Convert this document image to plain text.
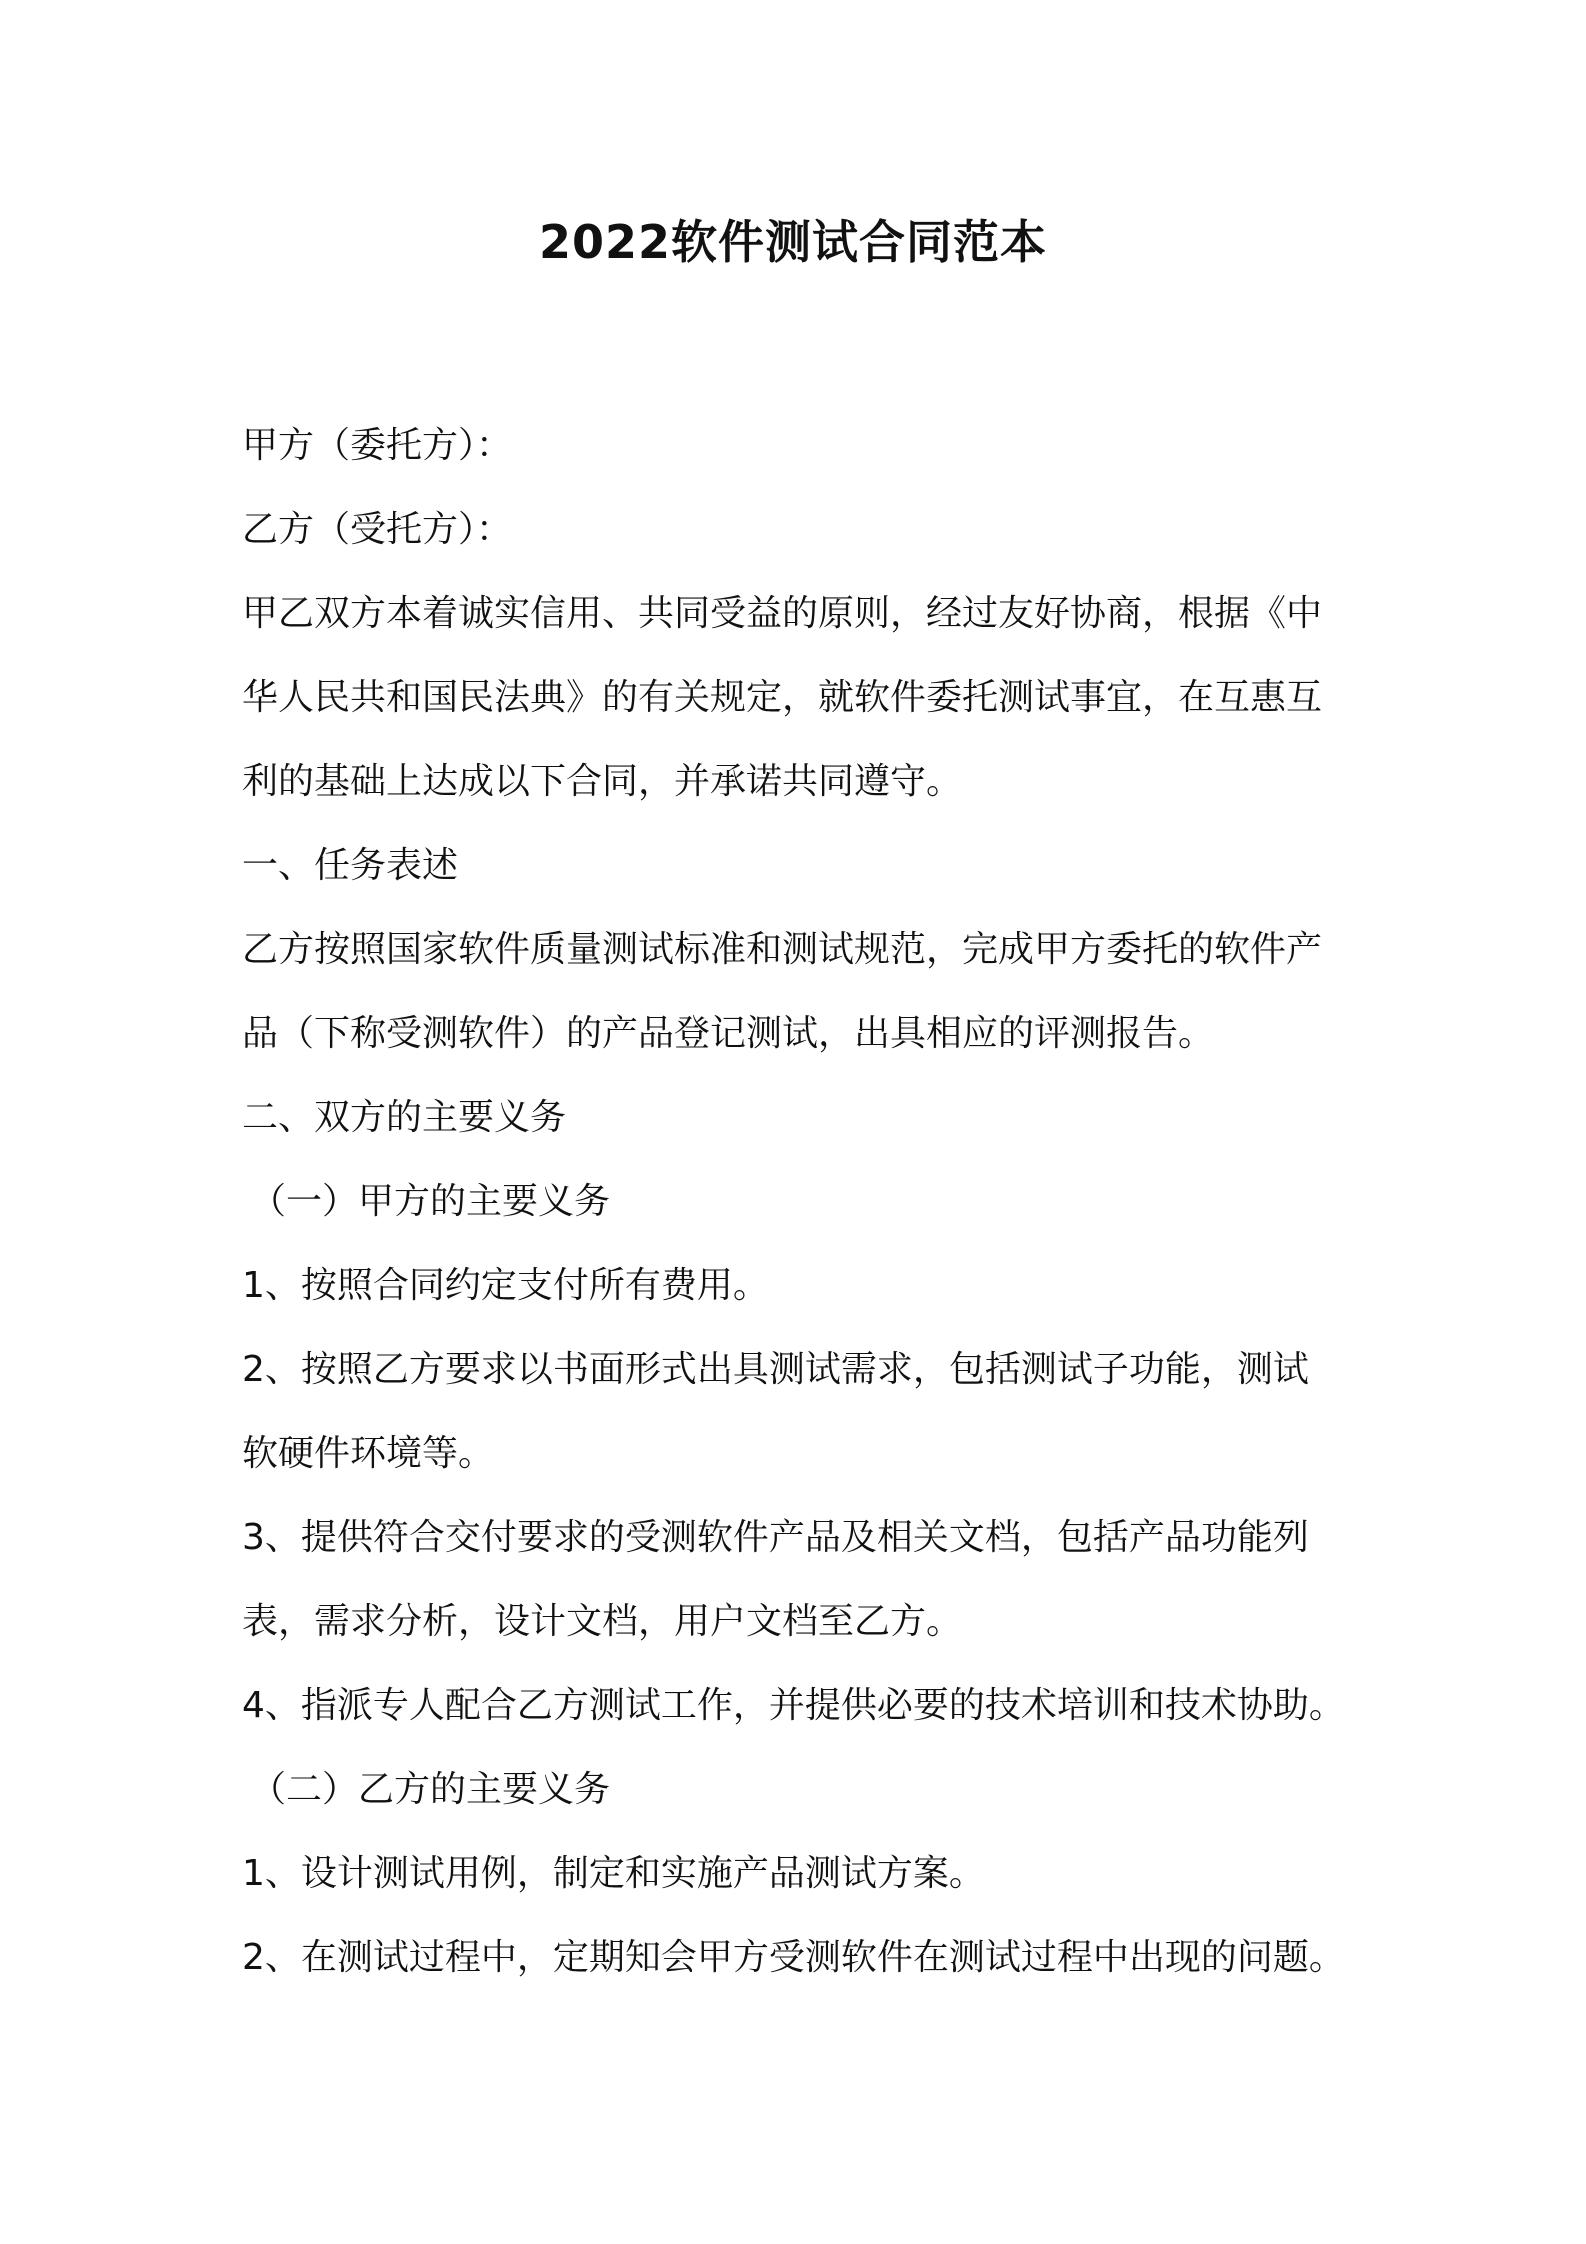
2022软件测试合同范本
甲方（委托方）：
乙方（受托方）：
甲乙双方本着诚实信用、共同受益的原则，经过友好协商，根据《中
华人民共和国民法典》的有关规定，就软件委托测试事宜，在互惠互
利的基础上达成以下合同，并承诺共同遵守。
一、任务表述
乙方按照国家软件质量测试标准和测试规范，完成甲方委托的软件产
品（下称受测软件）的产品登记测试，出具相应的评测报告。
二、双方的主要义务
（一）甲方的主要义务
1、按照合同约定支付所有费用。
2、按照乙方要求以书面形式出具测试需求，包括测试子功能，测试
软硬件环境等。
3、提供符合交付要求的受测软件产品及相关文档，包括产品功能列
表，需求分析，设计文档，用户文档至乙方。
4、指派专人配合乙方测试工作，并提供必要的技术培训和技术协助。
（二）乙方的主要义务
1、设计测试用例，制定和实施产品测试方案。
2、在测试过程中，定期知会甲方受测软件在测试过程中出现的问题。
